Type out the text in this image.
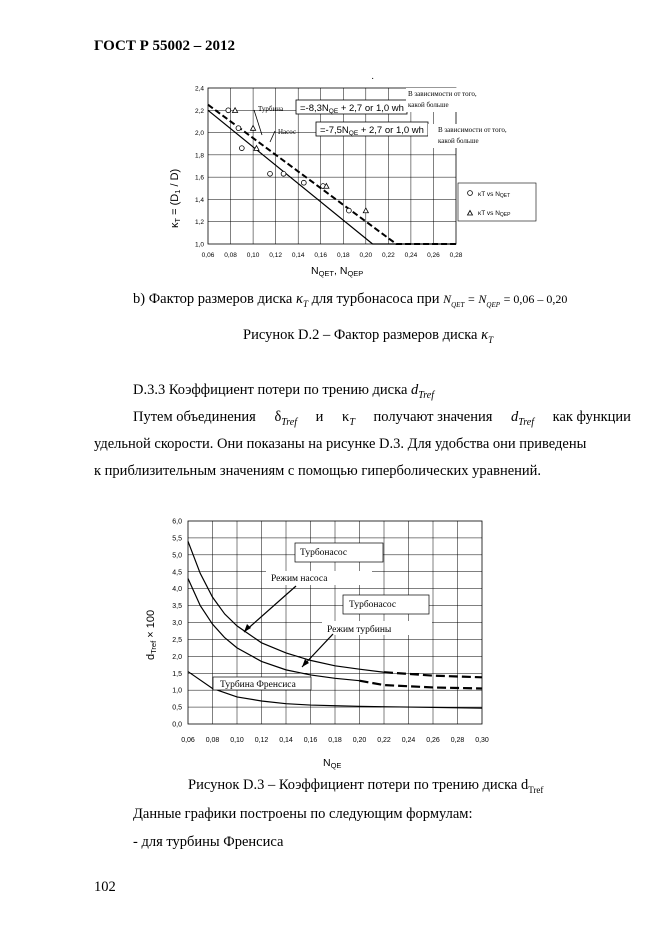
ГОСТ Р 55002 – 2012
0,06 0,08 0,10 0,12 0,14 0,16 0,18 0,20 0,22 0,24 0,26 0,28
1,0
1,2
1,4
1,6
1,8
2,0
2,2
2,4
·
Турбина
Насос
$=-8,3N_{QE} + 2,7$ or 1,0 wh
$=-7,5N_{QE} + 2,7$ or 1,0 wh
В зависимости от того,
какой больше
В зависимости от того,
какой больше
κT vs NQET
κT vs NQEP
NQET, NQEP
κT = (D1 / D)
b) Фактор размеров диска $\kappa_T$ для турбонасоса при $N_{QET} = N_{QEP} = 0,06 - 0,20$
Рисунок D.2 – Фактор размеров диска $\kappa_T$
D.3.3 Коэффициент потери по трению диска $d_{Tref}$
Путем объединения $\delta_{Tref}$ и $\kappa_T$ получают значения $d_{Tref}$ как функции
удельной скорости. Они показаны на рисунке D.3. Для удобства они приведены
к приблизительным значениям с помощью гиперболических уравнений.
0,06 0,08 0,10 0,12 0,14 0,16 0,18 0,20 0,22 0,24 0,26 0,28 0,30
0,0
0,5
1,0
1,5
2,0
2,5
3,0
3,5
4,0
4,5
5,0
5,5
6,0
Турбонасос
Режим насоса
Турбонасос
Режим турбины
Турбина Френсиса
NQE
dTref × 100
Рисунок D.3 – Коэффициент потери по трению диска $d_{Tref}$
Данные графики построены по следующим формулам:
- для турбины Френсиса
102
